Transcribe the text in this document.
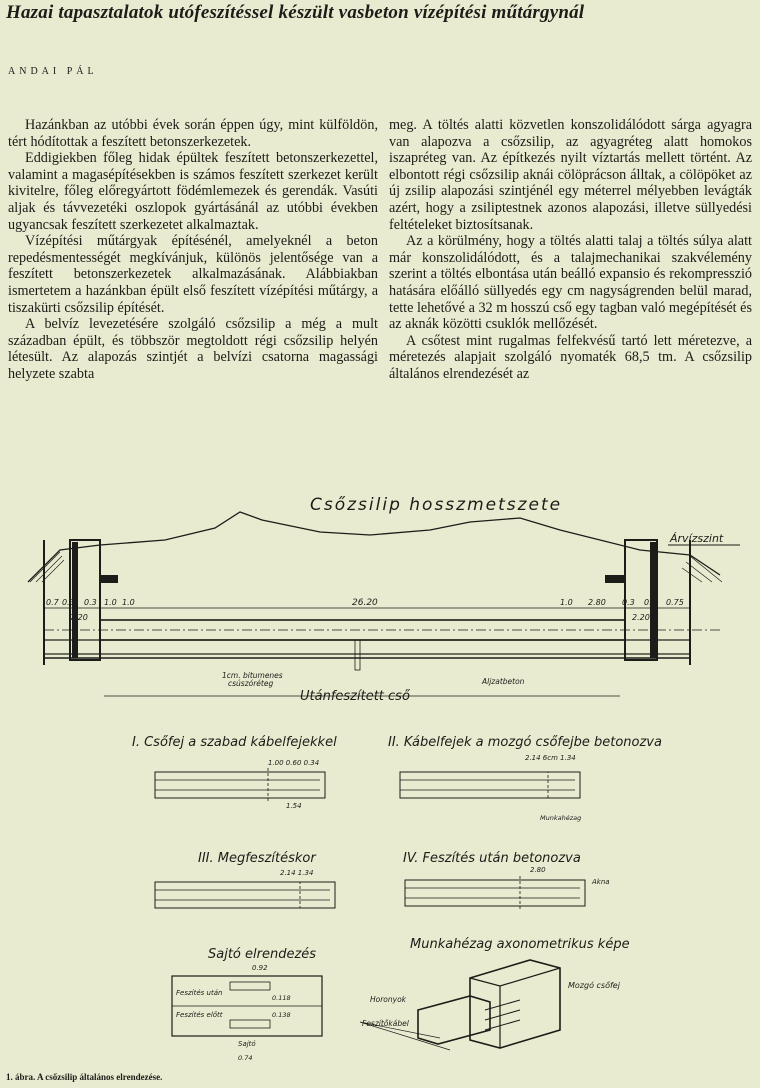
Hazai tapasztalatok utófeszítéssel készült vasbeton vízépítési műtárgynál
ANDAI PÁL

Hazánkban az utóbbi évek során éppen úgy, mint külföldön, tért hódítottak a feszített betonszerkezetek.

Eddigiekben főleg hidak épültek feszített betonszerkezettel, valamint a magasépítésekben is számos feszített szerkezet került kivitelre, főleg előregyártott födémlemezek és gerendák. Vasúti aljak és távvezetéki oszlopok gyártásánál az utóbbi években ugyancsak feszített szerkezetet alkalmaztak.

Vízépítési műtárgyak építésénél, amelyeknél a beton repedésmentességét megkívánjuk, különös jelentősége van a feszített betonszerkezetek alkalmazásának. Alábbiakban ismertetem a hazánkban épült első feszített vízépítési műtárgy, a tiszakürti csőzsilip építését.

A belvíz levezetésére szolgáló csőzsilip a még a mult században épült, és többször megtoldott régi csőzsilip helyén létesült. Az alapozás szintjét a belvízi csatorna magassági helyzete szabta

meg. A töltés alatti közvetlen konszolidálódott sárga agyagra van alapozva a csőzsilip, az agyagréteg alatt homokos iszapréteg van. Az építkezés nyilt víztartás mellett történt. Az elbontott régi csőzsilip aknái cölöprácson álltak, a cölöpöket az új zsilip alapozási szintjénél egy méterrel mélyebben levágták azért, hogy a zsiliptestnek azonos alapozási, illetve süllyedési feltételeket biztosítsanak.

Az a körülmény, hogy a töltés alatti talaj a töltés súlya alatt már konszolidálódott, és a talajmechanikai szakvélemény szerint a töltés elbontása után beálló expansio és rekompresszió hatására előálló süllyedés egy cm nagyságrenden belül marad, tette lehetővé a 32 m hosszú cső egy tagban való megépítését és az aknák közötti csuklók mellőzését.

A csőtest mint rugalmas felfekvésű tartó lett méretezve, a méretezés alapjait szolgáló nyomaték 68,5 tm. A csőzsilip általános elrendezését az

Csőzsilip hosszmetszete
Árvízszint
0.7 0.3 0.3 1.0 1.0
2.20
26.20	1.0 2.80 0.3 0.3 0.75
2.20
1cm. bitumenes
csúszóréteg	Aljzatbeton
Utánfeszített cső
I. Csőfej a szabad kábelfejekkel
1.00 0.60 0.34
1.54
II. Kábelfejek a mozgó csőfejbe betonozva
2.14 6cm 1.34
Munkahézag
III. Megfeszítéskor
2.14 1.34
IV. Feszítés után betonozva
2.80
Akna
Sajtó elrendezés
0.92
Feszítés után
Feszítés előtt
0.118
0.138
Sajtó
0.74
Munkahézag axonometrikus képe
Mozgó csőfej
Horonyok
Feszítőkábel
1. ábra. A csőzsilip általános elrendezése.
